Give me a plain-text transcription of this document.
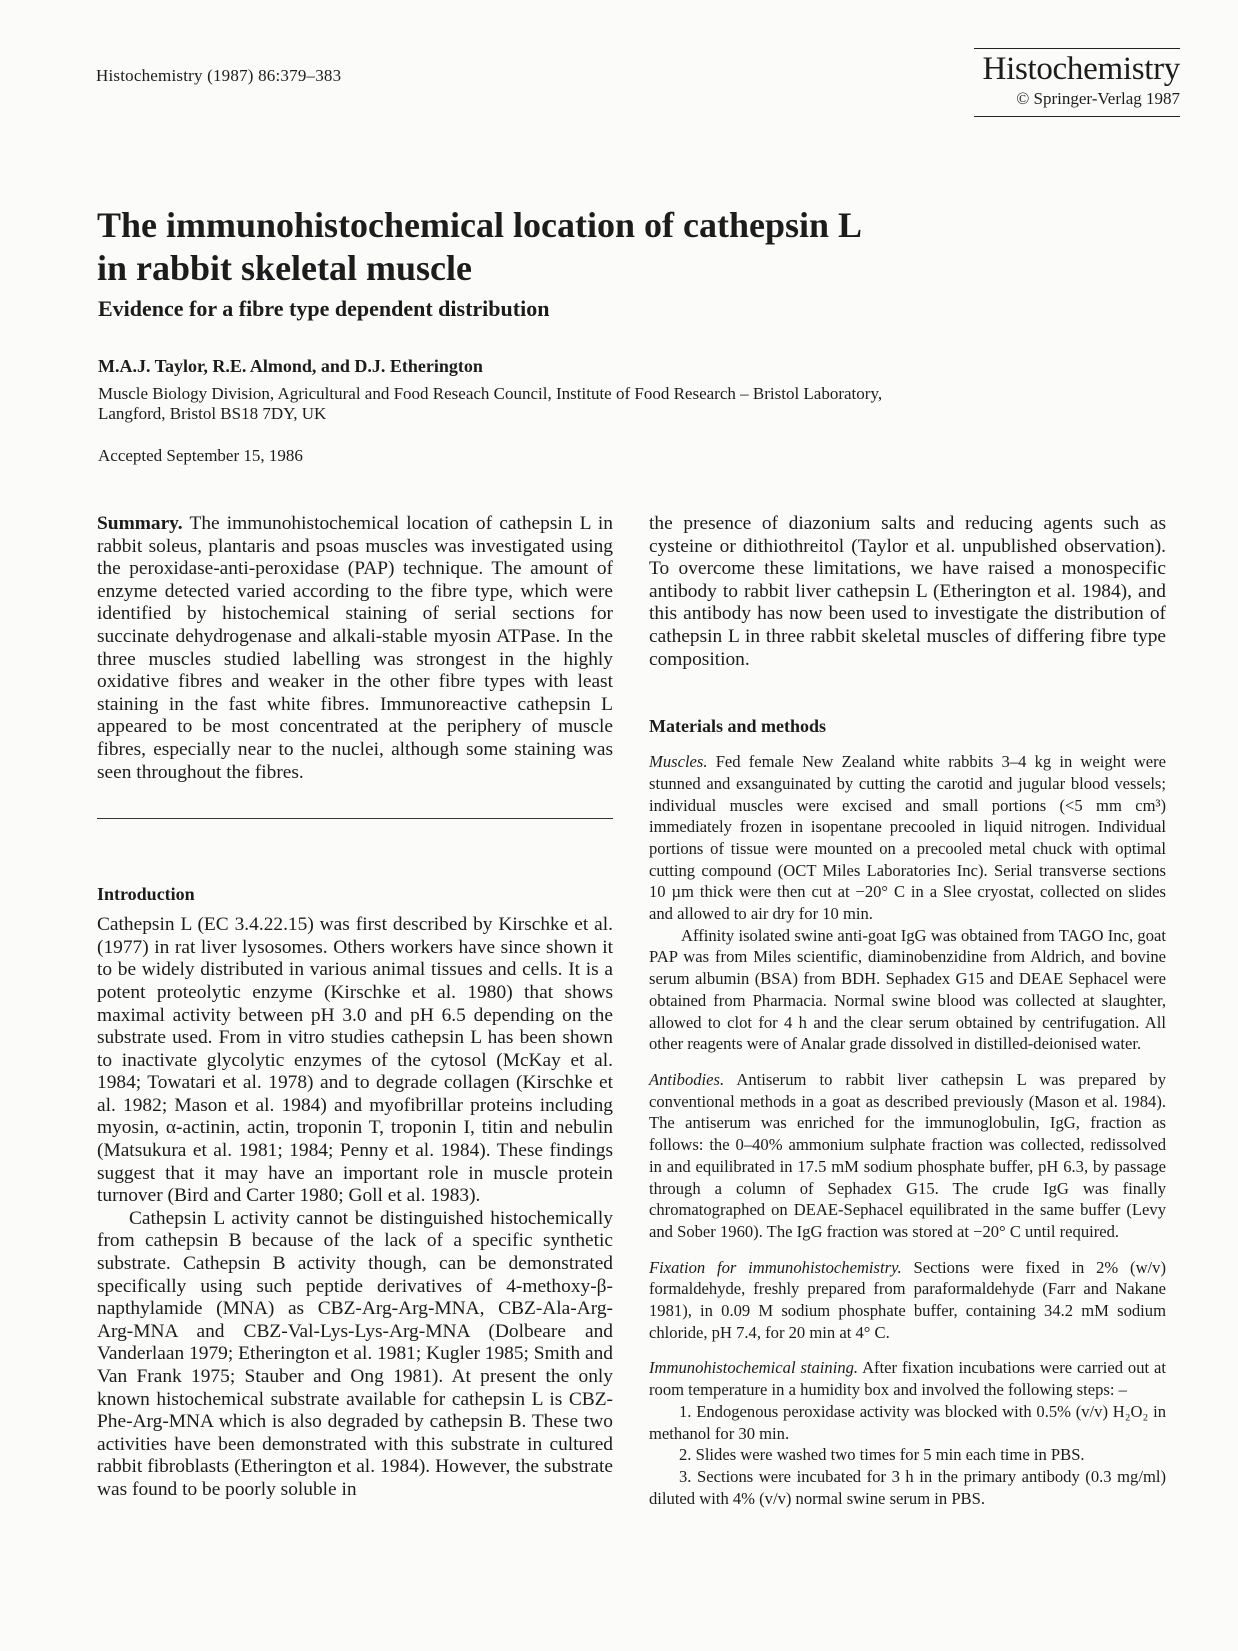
Histochemistry (1987) 86:379–383	Histochemistry
© Springer-Verlag 1987
The immunohistochemical location of cathepsin L
in rabbit skeletal muscle
Evidence for a fibre type dependent distribution
M.A.J. Taylor, R.E. Almond, and D.J. Etherington
Muscle Biology Division, Agricultural and Food Reseach Council, Institute of Food Research – Bristol Laboratory,
Langford, Bristol BS18 7DY, UK
Accepted September 15, 1986

Summary. The immunohistochemical location of cathepsin L in rabbit soleus, plantaris and psoas muscles was investigated using the peroxidase-anti-peroxidase (PAP) technique. The amount of enzyme detected varied according to the fibre type, which were identified by histochemical staining of serial sections for succinate dehydrogenase and alkali-stable myosin ATPase. In the three muscles studied labelling was strongest in the highly oxidative fibres and weaker in the other fibre types with least staining in the fast white fibres. Immunoreactive cathepsin L appeared to be most concentrated at the periphery of muscle fibres, especially near to the nuclei, although some staining was seen throughout the fibres.

Introduction

Cathepsin L (EC 3.4.22.15) was first described by Kirschke et al. (1977) in rat liver lysosomes. Others workers have since shown it to be widely distributed in various animal tissues and cells. It is a potent proteolytic enzyme (Kirschke et al. 1980) that shows maximal activity between pH 3.0 and pH 6.5 depending on the substrate used. From in vitro studies cathepsin L has been shown to inactivate glycolytic enzymes of the cytosol (McKay et al. 1984; Towatari et al. 1978) and to degrade collagen (Kirschke et al. 1982; Mason et al. 1984) and myofibrillar proteins including myosin, α-actinin, actin, troponin T, troponin I, titin and nebulin (Matsukura et al. 1981; 1984; Penny et al. 1984). These findings suggest that it may have an important role in muscle protein turnover (Bird and Carter 1980; Goll et al. 1983).

Cathepsin L activity cannot be distinguished histochemically from cathepsin B because of the lack of a specific synthetic substrate. Cathepsin B activity though, can be demonstrated specifically using such peptide derivatives of 4-methoxy-β-napthylamide (MNA) as CBZ-Arg-Arg-MNA, CBZ-Ala-Arg-Arg-MNA and CBZ-Val-Lys-Lys-Arg-MNA (Dolbeare and Vanderlaan 1979; Etherington et al. 1981; Kugler 1985; Smith and Van Frank 1975; Stauber and Ong 1981). At present the only known histochemical substrate available for cathepsin L is CBZ-Phe-Arg-MNA which is also degraded by cathepsin B. These two activities have been demonstrated with this substrate in cultured rabbit fibroblasts (Etherington et al. 1984). However, the substrate was found to be poorly soluble in

the presence of diazonium salts and reducing agents such as cysteine or dithiothreitol (Taylor et al. unpublished observation). To overcome these limitations, we have raised a monospecific antibody to rabbit liver cathepsin L (Etherington et al. 1984), and this antibody has now been used to investigate the distribution of cathepsin L in three rabbit skeletal muscles of differing fibre type composition.

Materials and methods

Muscles. Fed female New Zealand white rabbits 3–4 kg in weight were stunned and exsanguinated by cutting the carotid and jugular blood vessels; individual muscles were excised and small portions (<5 mm cm³) immediately frozen in isopentane precooled in liquid nitrogen. Individual portions of tissue were mounted on a precooled metal chuck with optimal cutting compound (OCT Miles Laboratories Inc). Serial transverse sections 10 µm thick were then cut at −20° C in a Slee cryostat, collected on slides and allowed to air dry for 10 min.

Affinity isolated swine anti-goat IgG was obtained from TAGO Inc, goat PAP was from Miles scientific, diaminobenzidine from Aldrich, and bovine serum albumin (BSA) from BDH. Sephadex G15 and DEAE Sephacel were obtained from Pharmacia. Normal swine blood was collected at slaughter, allowed to clot for 4 h and the clear serum obtained by centrifugation. All other reagents were of Analar grade dissolved in distilled-deionised water.

Antibodies. Antiserum to rabbit liver cathepsin L was prepared by conventional methods in a goat as described previously (Mason et al. 1984). The antiserum was enriched for the immunoglobulin, IgG, fraction as follows: the 0–40% ammonium sulphate fraction was collected, redissolved in and equilibrated in 17.5 mM sodium phosphate buffer, pH 6.3, by passage through a column of Sephadex G15. The crude IgG was finally chromatographed on DEAE-Sephacel equilibrated in the same buffer (Levy and Sober 1960). The IgG fraction was stored at −20° C until required.

Fixation for immunohistochemistry. Sections were fixed in 2% (w/v) formaldehyde, freshly prepared from paraformaldehyde (Farr and Nakane 1981), in 0.09 M sodium phosphate buffer, containing 34.2 mM sodium chloride, pH 7.4, for 20 min at 4° C.

Immunohistochemical staining. After fixation incubations were carried out at room temperature in a humidity box and involved the following steps: –

1. Endogenous peroxidase activity was blocked with 0.5% (v/v) H₂O₂ in methanol for 30 min.

2. Slides were washed two times for 5 min each time in PBS.

3. Sections were incubated for 3 h in the primary antibody (0.3 mg/ml) diluted with 4% (v/v) normal swine serum in PBS.
